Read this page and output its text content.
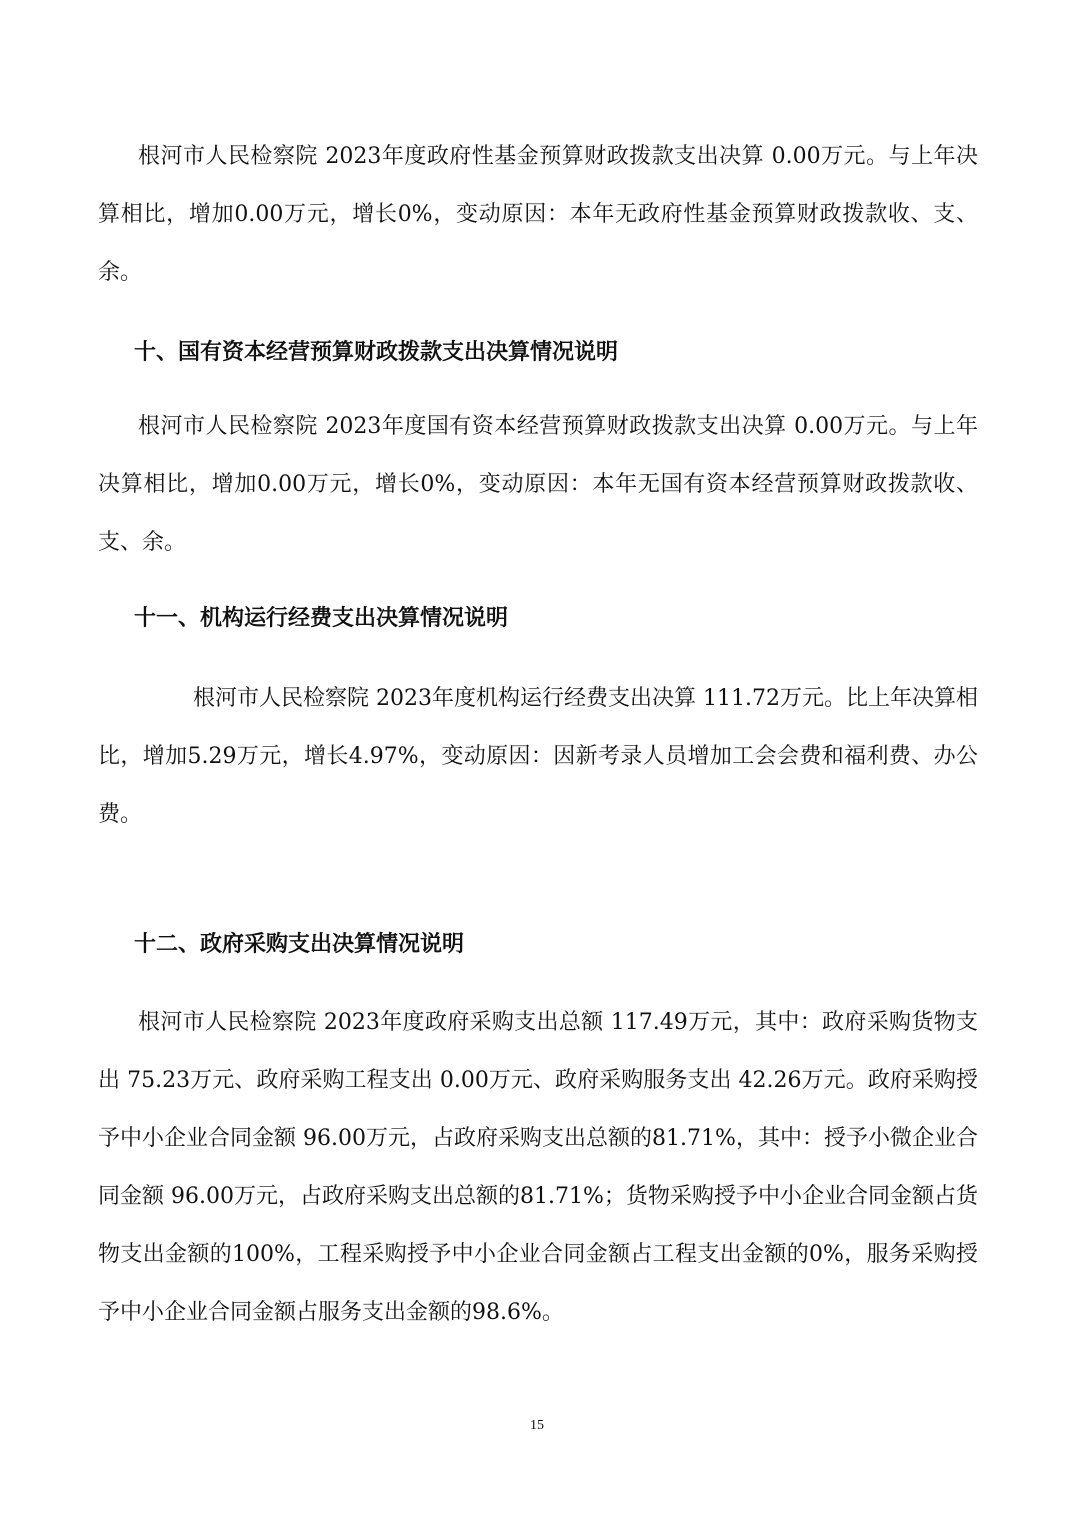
根河市人民检察院 2023年度政府性基金预算财政拨款支出决算 0.00万元。与上年决算相比，增加0.00万元，增长0%，变动原因：本年无政府性基金预算财政拨款收、支、余。

十、国有资本经营预算财政拨款支出决算情况说明

根河市人民检察院 2023年度国有资本经营预算财政拨款支出决算 0.00万元。与上年决算相比，增加0.00万元，增长0%，变动原因：本年无国有资本经营预算财政拨款收、支、余。

十一、机构运行经费支出决算情况说明

根河市人民检察院 2023年度机构运行经费支出决算 111.72万元。比上年决算相比，增加5.29万元，增长4.97%，变动原因：因新考录人员增加工会会费和福利费、办公费。

十二、政府采购支出决算情况说明

根河市人民检察院 2023年度政府采购支出总额 117.49万元，其中：政府采购货物支出 75.23万元、政府采购工程支出 0.00万元、政府采购服务支出 42.26万元。政府采购授予中小企业合同金额 96.00万元，占政府采购支出总额的81.71%，其中：授予小微企业合同金额 96.00万元，占政府采购支出总额的81.71%；货物采购授予中小企业合同金额占货物支出金额的100%，工程采购授予中小企业合同金额占工程支出金额的0%，服务采购授予中小企业合同金额占服务支出金额的98.6%。

15
